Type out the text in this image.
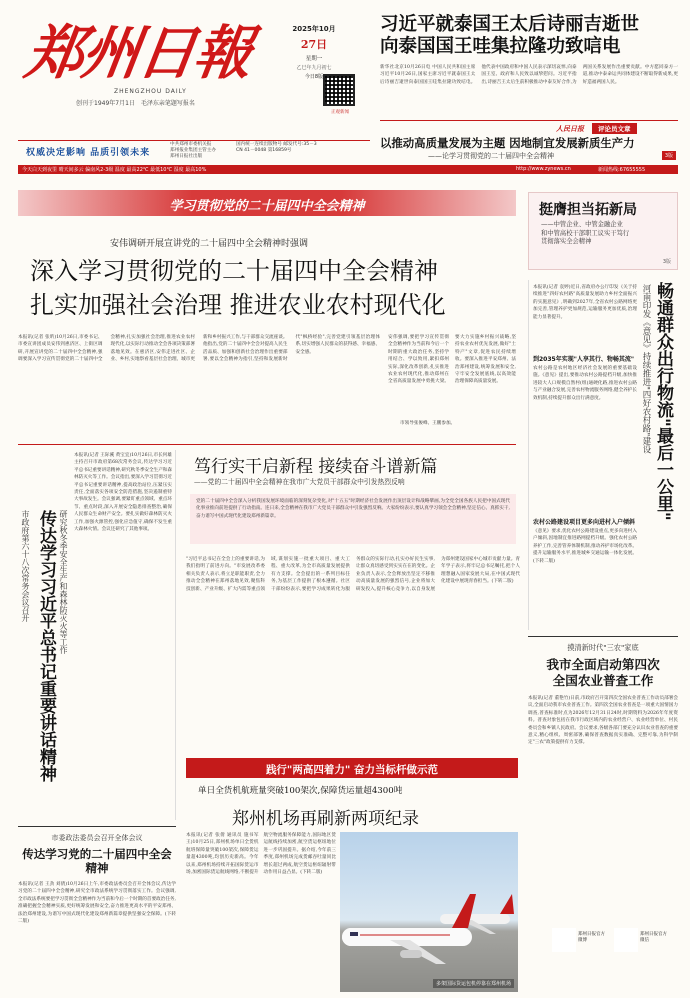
郑州日報
ZHENGZHOU DAILY
创刊于1949年7月1日 毛泽东亲笔题写报名
2025年10月
27日
星期一
乙巳年九月初七
今日8版
正观新闻
权威决定影响 品质引领未来
中共郑州市委机关报
郑州报业集团主管主办
郑州日报社出版
国内统一连续出版物号 邮发代号:35－3
CN 41－0048 第16859号
今天白天到夜里 晴天间多云 偏南风2-3级 温度 最高22℃ 最低10℃ 湿度 最高10%	http://www.zynews.cn	新闻热线:67655555
习近平就泰国王太后诗丽吉逝世
向泰国国王哇集拉隆功致唁电
新华社北京10月26日电 中国人民共和国主席习近平10月26日,国家主席习近平就泰国王太后诗丽吉逝世向泰国国王哇集拉隆功致唁电。他代表中国政府和中国人民表示深切哀悼,向泰国王室、政府和人民致以诚挚慰问。习近平指出,诗丽吉王太后生前积极推动中泰友好合作,为两国关系发展作出重要贡献。中方愿同泰方一道,推动中泰命运共同体建设不断取得新成果,更好造福两国人民。
人民日报	评论员文章
以推动高质量发展为主题 因地制宜发展新质生产力
——论学习贯彻党的二十届四中全会精神	3版
学习贯彻党的二十届四中全会精神	挺膺担当拓新局
——中管企业、中管金融企业
和中管高校干部职工议实干笃行
贯彻落实全会精神
3版
安伟调研开展宣讲党的二十届四中全会精神时强调
深入学习贯彻党的二十届四中全会精神
扎实加强社会治理 推进农业农村现代化
本报讯(记者 张昕)10月26日,市委书记、市委宣讲团成员安伟到惠济区、上街区调研,开展宣讲党的二十届四中全会精神,强调要深入学习宣传贯彻党的二十届四中全会精神,扎实加强社会治理,推进农业农村现代化,以实际行动推动全会各项决策部署落地见效。在惠济区,安伟走进社区、企业、乡村,实地察看基层社会治理、城市更新和乡村振兴工作,与干部群众交流座谈。他指出,党的二十届四中全会对提高人民生活品质、加强和创新社会治理作出重要部署,要以全会精神为指引,坚持和发展新时代"枫桥经验",完善党建引领基层治理体系,切实增强人民群众的获得感、幸福感、安全感。
安伟强调,要把学习宣传贯彻全会精神作为当前和今后一个时期的重大政治任务,坚持学用结合、学以致用,紧扣郑州实际,深化改革创新,扎实推进农业农村现代化,推动郑州在全省高质量发展中勇挑大梁。要大力实施乡村振兴战略,坚持农业农村优先发展,做好"土特产"文章,促进农民持续增收。要深入推进平安郑州、法治郑州建设,统筹发展和安全,守牢安全发展底线,以高效能治理保障高质量发展。
市领导张俊峰、王鹏参加。	河南印发《意见》持续推进"四好农村路"建设 畅通群众出行物流"最后一公里"
本报讯(记者 袁婷)近日,省政府办公厅印发《关于持续推进"四好农村路"高质量发展助力乡村全面振兴的实施意见》,明确到2027年,全省农村公路网络更加完善,管理养护更加规范,运输服务更加优质,治理能力显著提升。
到2035年实现"人享其行、物畅其流"
农村公路是农村地区经济社会发展的重要基础设施。《意见》提出,要推动农村公路提档升级,加快推进较大人口规模自然村(组)通硬化路,推进农村公路与产业融合发展,完善农村物流服务网络,健全养护长效机制,持续提升群众出行满意度。
农村公路建设项目更多向进村入户倾斜
《意见》要求,优化农村公路建设重点,更多向进村入户倾斜,因地制宜推进路网提档升级。强化农村公路养护工作,完善管养体制机制,推动养护市场化改革。提升运输服务水平,推进城乡交通运输一体化发展。(下转二版)
市政府第六十八次常务会议召开 传达学习习近平总书记重要讲话精神 研究秋冬季安全生产和森林防灭火等工作
本报讯(记者 王际溪 黄宝宜)10月26日,市长何雄主持召开市政府第68次常务会议,传达学习习近平总书记重要讲话精神,研究秋冬季安全生产和森林防灭火等工作。会议指出,要深入学习贯彻习近平总书记重要讲话精神,提高政治站位,压紧压实责任,全面落实各项安全防范措施,坚决遏制重特大事故发生。会议强调,要紧盯重点领域、重点环节、重点时段,深入开展安全隐患排查整治,确保人民群众生命财产安全。要扎实做好森林防灭火工作,加强火源管控,强化应急值守,确保不发生重大森林火情。会议还研究了其他事项。
笃行实干启新程 接续奋斗谱新篇
——党的二十届四中全会精神在我市广大党员干部群众中引发热烈反响
党的二十届四中全会深入分析我国发展环境面临的深刻复杂变化,对"十五五"时期经济社会发展作出顶层设计和战略擘画,为全党全国各族人民把中国式现代化事业推向前进提供了行动指南。连日来,全会精神在我市广大党员干部群众中引发强烈反响。大家纷纷表示,要认真学习领会全会精神,坚定信心、真抓实干,奋力谱写中国式现代化建设郑州新篇章。
"习近平总书记在全会上的重要讲话,为我们指明了前进方向。"市发展改革委相关负责人表示,将立足职能职责,全力推动全会精神在郑州落地见效,聚焦科技创新、产业升级、扩大内需等重点领域,谋划实施一批重大项目、重大工程、重大改革,为全市高质量发展提供有力支撑。全会提出的一系列目标任务,为基层工作提供了根本遵循。社区干部纷纷表示,要把学习成果转化为服务群众的实际行动,扎实办好民生实事,让群众真切感受到实实在在的变化。企业负责人表示,全会释放出坚定不移推动高质量发展的强烈信号,企业将加大研发投入,提升核心竞争力,以自身发展为郑州建设国家中心城市贡献力量。青年学子表示,将牢记总书记嘱托,把个人理想融入国家发展大局,在中国式现代化建设中展现青春担当。(下转二版)
市委政法委员会召开全体会议
传达学习党的二十届四中全会精神
本报讯(记者 王劲 刘倩)10月26日上午,市委政法委员会召开全体会议,传达学习党的二十届四中全会精神,研究全市政法系统学习贯彻落实工作。会议强调,全市政法系统要把学习贯彻全会精神作为当前和今后一个时期的首要政治任务,准确把握全会精神实质,更好统筹发展和安全,奋力推进更高水平的平安郑州、法治郑州建设,为谱写中国式现代化建设郑州新篇章提供坚强安全保障。(下转二版)
践行"两高四着力" 奋力当标杆做示范
单日全货机航班量突破100架次,保障货运量超4300吨
郑州机场再刷新两项纪录
本报讯(记者 张倩 通讯员 施书军 王)10月25日,郑州机场单日全货机航班保障量突破100架次,保障货运量超4300吨,均创历史新高。今年以来,郑州机场持续开拓国际货运市场,加密国际货运航线网络,不断提升航空物流服务保障能力,国际地区货运航线持续加密,航空货运枢纽地位进一步巩固提升。据介绍,今年前三季度,郑州机场完成货邮吞吐量同比增长超过两成,航空货运枢纽辐射带动作用日益凸显。(下转二版)
多架国际货运包机停靠在郑州机场
摸清新时代"三农"家底
我市全面启动第四次
全国农业普查工作
本报讯(记者 董艳竹)日前,市政府召开第四次全国农业普查工作动员部署会议,全面启动我市农业普查工作。第四次全国农业普查是一项重大国情国力调查,普查标准时点为2026年12月31日24时,时期资料为2026年年度资料。普查对象包括在我市行政区域内的农业经营户、农业经营单位、村民委员会和乡镇人民政府。会议要求,各级各部门要充分认识农业普查的重要意义,精心组织、周密部署,确保普查数据真实准确、完整可靠,为科学制定"三农"政策提供有力支撑。
郑州日报官方微博
郑州日报官方微信
